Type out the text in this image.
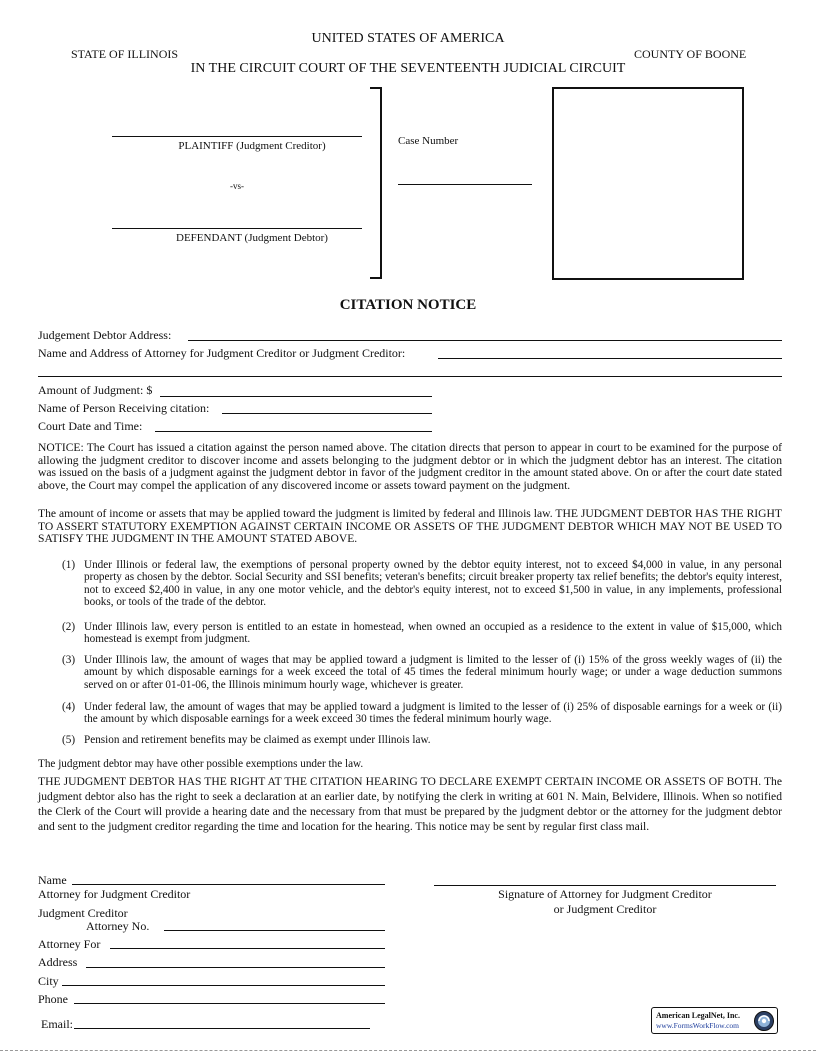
UNITED STATES OF AMERICA
STATE OF ILLINOIS	COUNTY OF BOONE
IN THE CIRCUIT COURT OF THE SEVENTEENTH JUDICIAL CIRCUIT
PLAINTIFF (Judgment Creditor)
-vs-
DEFENDANT (Judgment Debtor)
Case Number
CITATION NOTICE
Judgement Debtor Address:
Name and Address of Attorney for Judgment Creditor or Judgment Creditor:
Amount of Judgment: $
Name of Person Receiving citation:
Court Date and Time:
NOTICE: The Court has issued a citation against the person named above. The citation directs that person to appear in court to be examined for the purpose of allowing the judgment creditor to discover income and assets belonging to the judgment debtor or in which the judgment debtor has an interest. The citation was issued on the basis of a judgment against the judgment debtor in favor of the judgment creditor in the amount stated above. On or after the court date stated above, the Court may compel the application of any discovered income or assets toward payment on the judgment.
The amount of income or assets that may be applied toward the judgment is limited by federal and Illinois law. THE JUDGMENT DEBTOR HAS THE RIGHT TO ASSERT STATUTORY EXEMPTION AGAINST CERTAIN INCOME OR ASSETS OF THE JUDGMENT DEBTOR WHICH MAY NOT BE USED TO SATISFY THE JUDGMENT IN THE AMOUNT STATED ABOVE.
(1) Under Illinois or federal law, the exemptions of personal property owned by the debtor equity interest, not to exceed $4,000 in value, in any personal property as chosen by the debtor. Social Security and SSI benefits; veteran's benefits; circuit breaker property tax relief benefits; the debtor's equity interest, not to exceed $2,400 in value, in any one motor vehicle, and the debtor's equity interest, not to exceed $1,500 in value, in any implements, professional books, or tools of the trade of the debtor.
(2) Under Illinois law, every person is entitled to an estate in homestead, when owned an occupied as a residence to the extent in value of $15,000, which homestead is exempt from judgment.
(3) Under Illinois law, the amount of wages that may be applied toward a judgment is limited to the lesser of (i) 15% of the gross weekly wages of (ii) the amount by which disposable earnings for a week exceed the total of 45 times the federal minimum hourly wage; or under a wage deduction summons served on or after 01-01-06, the Illinois minimum hourly wage, whichever is greater.
(4) Under federal law, the amount of wages that may be applied toward a judgment is limited to the lesser of (i) 25% of disposable earnings for a week or (ii) the amount by which disposable earnings for a week exceed 30 times the federal minimum hourly wage.
(5) Pension and retirement benefits may be claimed as exempt under Illinois law.
The judgment debtor may have other possible exemptions under the law.
THE JUDGMENT DEBTOR HAS THE RIGHT AT THE CITATION HEARING TO DECLARE EXEMPT CERTAIN INCOME OR ASSETS OF BOTH. The judgment debtor also has the right to seek a declaration at an earlier date, by notifying the clerk in writing at 601 N. Main, Belvidere, Illinois. When so notified the Clerk of the Court will provide a hearing date and the necessary from that must be prepared by the judgment debtor or the attorney for the judgment debtor and sent to the judgment creditor regarding the time and location for the hearing. This notice may be sent by regular first class mail.
Name
Attorney for Judgment Creditor
Judgment Creditor
Attorney No.
Attorney For
Address
City
Phone
Email:
Signature of Attorney for Judgment Creditor
or Judgment Creditor
American LegalNet, Inc.
www.FormsWorkFlow.com
